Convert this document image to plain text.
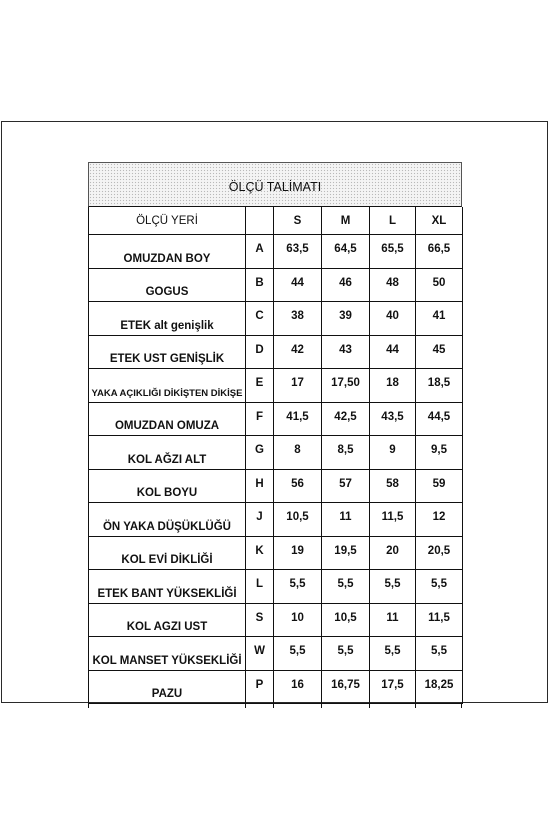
ÖLÇÜ TALİMATI
ÖLÇÜ YERİ		S	M	L	XL
OMUZDAN BOY	A	63,5	64,5	65,5	66,5
GOGUS	B	44	46	48	50
ETEK alt genişlik	C	38	39	40	41
ETEK UST GENİŞLİK	D	42	43	44	45
YAKA AÇIKLIĞI DİKİŞTEN DİKİŞE	E	17	17,50	18	18,5
OMUZDAN OMUZA	F	41,5	42,5	43,5	44,5
KOL AĞZI ALT	G	8	8,5	9	9,5
KOL BOYU	H	56	57	58	59
ÖN YAKA DÜŞÜKLÜĞÜ	J	10,5	11	11,5	12
KOL EVİ DİKLİĞİ	K	19	19,5	20	20,5
ETEK BANT YÜKSEKLİĞİ	L	5,5	5,5	5,5	5,5
KOL AGZI UST	S	10	10,5	11	11,5
KOL MANSET YÜKSEKLİĞİ	W	5,5	5,5	5,5	5,5
PAZU	P	16	16,75	17,5	18,25
